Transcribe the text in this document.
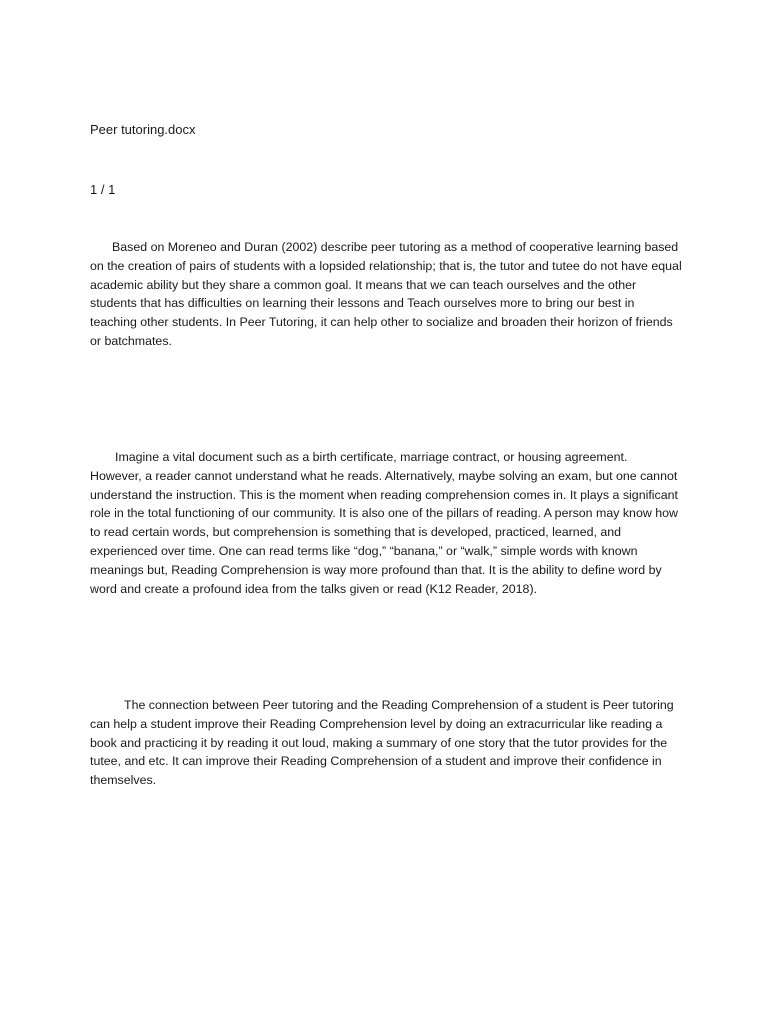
Peer tutoring.docx
1 / 1

Based on Moreneo and Duran (2002) describe peer tutoring as a method of cooperative learning based on the creation of pairs of students with a lopsided relationship; that is, the tutor and tutee do not have equal academic ability but they share a common goal. It means that we can teach ourselves and the other students that has difficulties on learning their lessons and Teach ourselves more to bring our best in teaching other students. In Peer Tutoring, it can help other to socialize and broaden their horizon of friends or batchmates.

Imagine a vital document such as a birth certificate, marriage contract, or housing agreement. However, a reader cannot understand what he reads. Alternatively, maybe solving an exam, but one cannot understand the instruction. This is the moment when reading comprehension comes in. It plays a significant role in the total functioning of our community. It is also one of the pillars of reading. A person may know how to read certain words, but comprehension is something that is developed, practiced, learned, and experienced over time. One can read terms like “dog,” “banana,” or “walk,” simple words with known meanings but, Reading Comprehension is way more profound than that. It is the ability to define word by word and create a profound idea from the talks given or read (K12 Reader, 2018).

The connection between Peer tutoring and the Reading Comprehension of a student is Peer tutoring can help a student improve their Reading Comprehension level by doing an extracurricular like reading a book and practicing it by reading it out loud, making a summary of one story that the tutor provides for the tutee, and etc. It can improve their Reading Comprehension of a student and improve their confidence in themselves.
